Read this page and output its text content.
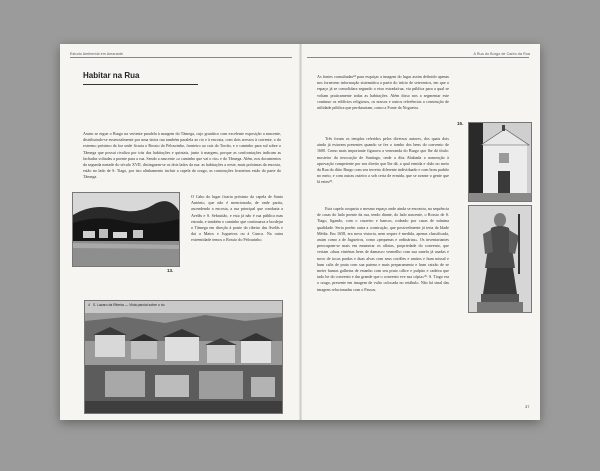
Estudo Ambiental em Amarante
Habitar na Rua

Assim se ergue o Burgo na vertente paralela à margem do Tâmega, cujo granítico com excelente exposição a nascente, distribuindo-se essencialmente por uma única rua também paralela ao rio e à encosta, com dois acessos à corrente, o do extremo próximo da foz onde ficaria o Rossio do Pelourinho, fronteiro ao cais do Torrão, e o caminho para sul sobre o Tâmega que possui rivaliza por trás das habitações e quintais, junto à margem, porque as confrontações indicam as fachadas voltadas a poente para a rua. Sendo a nascente «o caminho que vai o rio» e do Tâmega. Além, nos documentos da segunda metade do século XVII, distinguem-se os dois lados da rua: as habitações a oeste, mais próximas da encosta, estão no lado de S. Tiago, por isto alinhamento incluir a capela do orago, as construções fronteiras estão do parte do Tâmega.

13.

O Cabo do lugar ficaria próximo da capela de Santo António, que não é mencionada, de onde partia, ascendendo a encosta, a rua principal que conduzia a Avelãs e S. Sebastião, e esta já não é rua pública mas estrada, e também o caminho que continuava a bordejar o Tâmega em direção à ponte do ribeiro das Avelãs e dai a Matos e Jugueiros ou à Cunca. Na outra extremidade temos o Rossio do Pelourinho.

S. Lazaro da Ribeira — Vista parcial sobre o rio
4
A Rua do Burgo de Canto da Rua

As fontes consultadas²⁴ para esquiçar a imagem do lugar assim definido apenas nos fornecem informação sistemática a partir do início de setecentos, em que o espaço já se consolidara segundo o eixo estrada/rua, via pública para a qual se voltam praticamente todas as habitações. Além disso nos a segmentar este continuo os edifícios religiosos, os nossos e outros referências a construção de utilidade pública que perdurariam, como a Fonte da Nogueira.

Três foram os templos referidos pelos diversos autores, dos quais dois ainda já estavam presentes quando se fez o tombo dos bens do convento de 1600. Como mais importante figurava a veneranda do Burgo que lhe dá título: mosteiro da invocação de Santiago, onde a dita Ababada a nomeação à aprovação competente por seu direito que lhe dá, a qual ermida e chão no meio da Rua do ditto Burgo com seu terreiro diferente individuado e com bom padrão no meio, e com outras outeiro a sob certa de ermida, que se avante o gente que lá esteu²⁵.

Esta capela ocuparia o mesmo espaço onde ainda se encontra, na sequência de casas do lado poente da rua, tendo diante, do lado nascente, o Rossio de S. Tiago, ligando, com o cruzeiro e bancos, rodeado por casas de mínima qualidade. Seria porém outra a construção, que possivelmente já teria da Idade Média. Em 1658, era nova vistoria, nem sequer é medida, apenas classificada, assim como a de Jugueiros, como «pequenas e ordinárias». Os inventariantes preocupam-se mais em enumerar os alfaias, propriedade do convento, que veriam «duas vinténas bens de damasco vermelho com sua sanefa já usadas e novo de tocas pardas e duas alvas com seus cordões e amitos e hum missal e hum calis de prata com sua patena e mais preparamento e hum caixão de se meter humas galhetas de estanho com seu prato cálice e pulpito e cadeira que tudo he do convento e dar grande que o convento eve sua cópia»²⁶. S. Tiago era o orago, presente em imagem de vulto colocada no retábulo. Não há sinal das imagens relacionadas com o Passos.

15.
37
